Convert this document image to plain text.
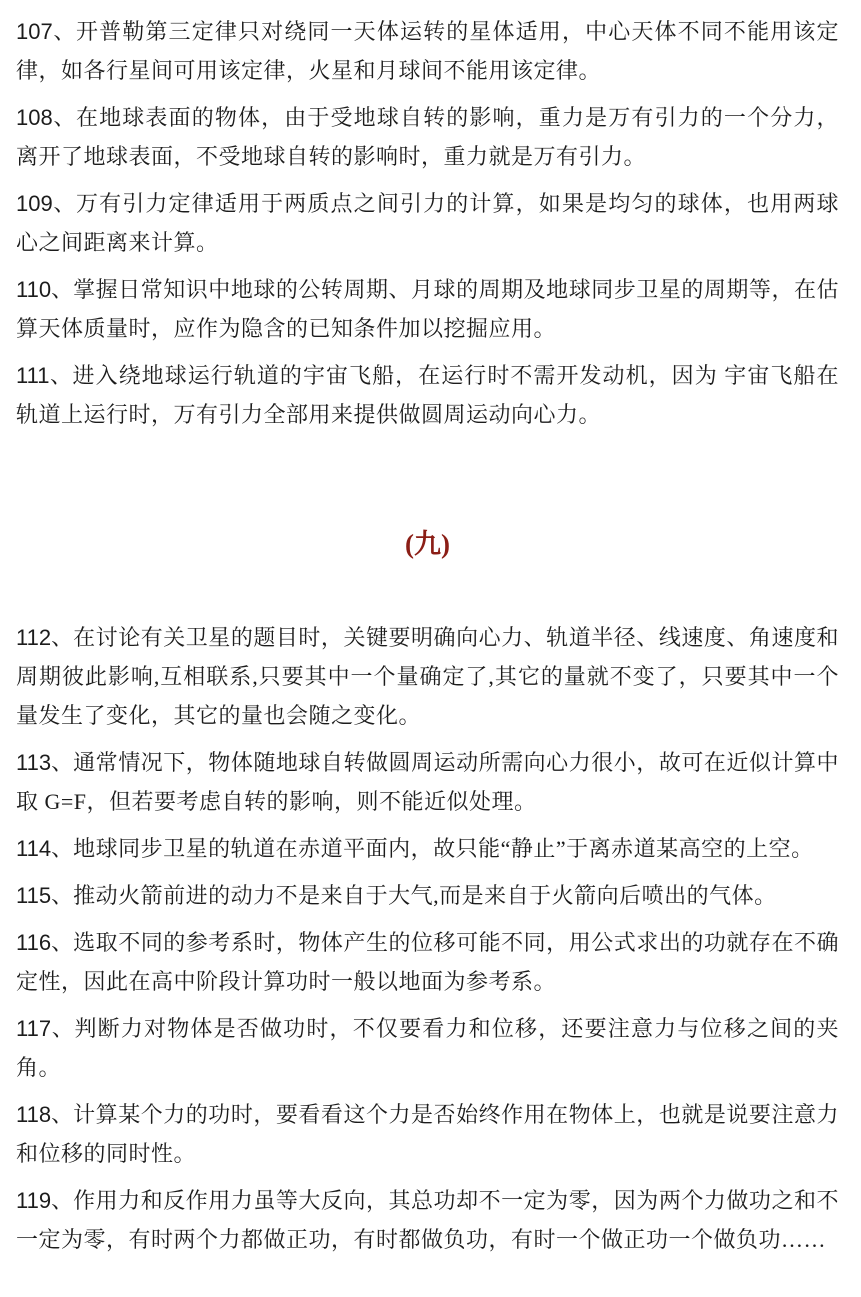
107、开普勒第三定律只对绕同一天体运转的星体适用，中心天体不同不能用该定律，如各行星间可用该定律，火星和月球间不能用该定律。

108、在地球表面的物体，由于受地球自转的影响，重力是万有引力的一个分力，离开了地球表面，不受地球自转的影响时，重力就是万有引力。

109、万有引力定律适用于两质点之间引力的计算，如果是均匀的球体，也用两球心之间距离来计算。

110、掌握日常知识中地球的公转周期、月球的周期及地球同步卫星的周期等，在估算天体质量时，应作为隐含的已知条件加以挖掘应用。

111、进入绕地球运行轨道的宇宙飞船，在运行时不需开发动机，因为 宇宙飞船在轨道上运行时，万有引力全部用来提供做圆周运动向心力。

(九)

112、在讨论有关卫星的题目时，关键要明确向心力、轨道半径、线速度、角速度和周期彼此影响,互相联系,只要其中一个量确定了,其它的量就不变了，只要其中一个量发生了变化，其它的量也会随之变化。

113、通常情况下，物体随地球自转做圆周运动所需向心力很小，故可在近似计算中取 G=F，但若要考虑自转的影响，则不能近似处理。

114、地球同步卫星的轨道在赤道平面内，故只能“静止”于离赤道某高空的上空。

115、推动火箭前进的动力不是来自于大气,而是来自于火箭向后喷出的气体。

116、选取不同的参考系时，物体产生的位移可能不同，用公式求出的功就存在不确定性，因此在高中阶段计算功时一般以地面为参考系。

117、判断力对物体是否做功时，不仅要看力和位移，还要注意力与位移之间的夹角。

118、计算某个力的功时，要看看这个力是否始终作用在物体上，也就是说要注意力和位移的同时性。

119、作用力和反作用力虽等大反向，其总功却不一定为零，因为两个力做功之和不一定为零，有时两个力都做正功，有时都做负功，有时一个做正功一个做负功……
